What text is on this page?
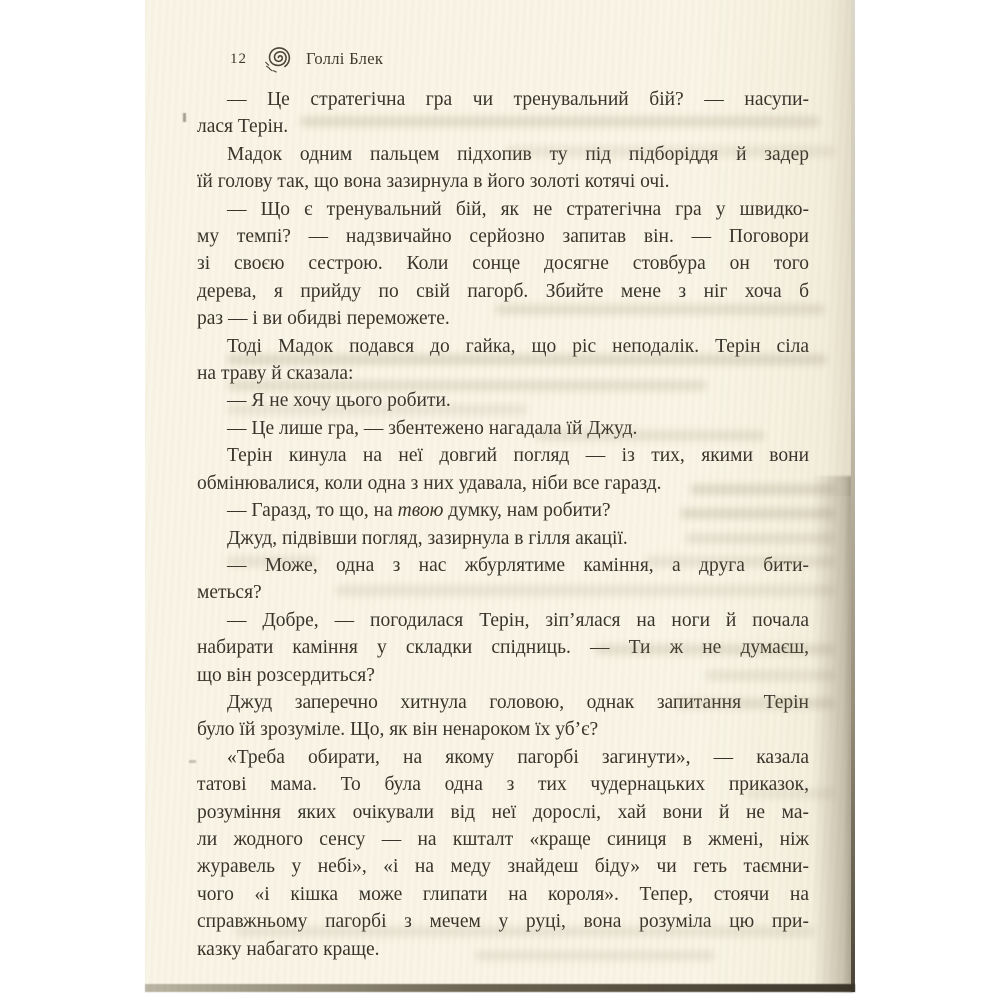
12	Голлі Блек

— Це стратегічна гра чи тренувальний бій? — насупи-
лася Терін.

Мадок одним пальцем підхопив ту під підборіддя й задер
їй голову так, що вона зазирнула в його золоті котячі очі.

— Що є тренувальний бій, як не стратегічна гра у швидко-
му темпі? — надзвичайно серйозно запитав він. — Поговори
зі своєю сестрою. Коли сонце досягне стовбура он того
дерева, я прийду по свій пагорб. Збийте мене з ніг хоча б
раз — і ви обидві переможете.

Тоді Мадок подався до гайка, що ріс неподалік. Терін сіла
на траву й сказала:

— Я не хочу цього робити.

— Це лише гра, — збентежено нагадала їй Джуд.

Терін кинула на неї довгий погляд — із тих, якими вони
обмінювалися, коли одна з них удавала, ніби все гаразд.

— Гаразд, то що, на твою думку, нам робити?

Джуд, підвівши погляд, зазирнула в гілля акації.

— Може, одна з нас жбурлятиме каміння, а друга бити-
меться?

— Добре, — погодилася Терін, зіп’ялася на ноги й почала
набирати каміння у складки спідниць. — Ти ж не думаєш,
що він розсердиться?

Джуд заперечно хитнула головою, однак запитання Терін
було їй зрозуміле. Що, як він ненароком їх уб’є?

«Треба обирати, на якому пагорбі загинути», — казала
татові мама. То була одна з тих чудернацьких приказок,
розуміння яких очікували від неї дорослі, хай вони й не ма-
ли жодного сенсу — на кшталт «краще синиця в жмені, ніж
журавель у небі», «і на меду знайдеш біду» чи геть таємни-
чого «і кішка може глипати на короля». Тепер, стоячи на
справжньому пагорбі з мечем у руці, вона розуміла цю при-
казку набагато краще.
